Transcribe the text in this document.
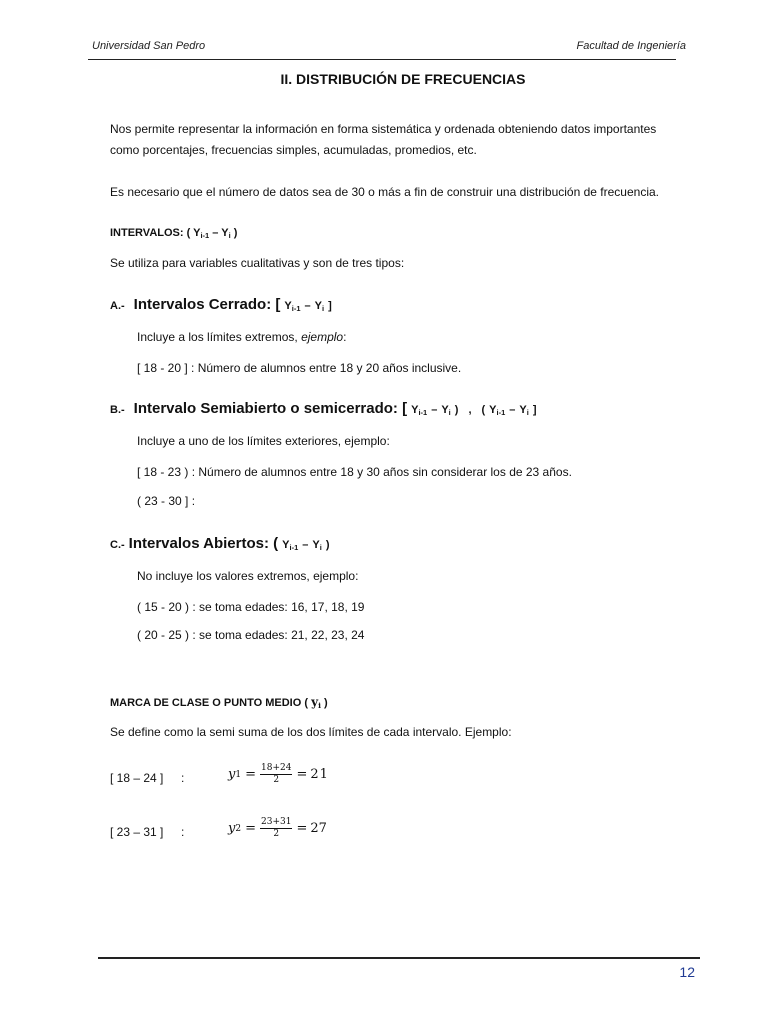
Universidad San Pedro	Facultad de Ingeniería
II. DISTRIBUCIÓN DE FRECUENCIAS
Nos permite representar la información en forma sistemática y ordenada obteniendo datos importantes
como porcentajes, frecuencias simples, acumuladas, promedios, etc.
Es necesario que el número de datos sea de 30 o más a fin de construir una distribución de frecuencia.
INTERVALOS: ( $Y_{i-1} - Y_i$ )
Se utiliza para variables cualitativas y son de tres tipos:
A.- Intervalos Cerrado: [ $Y_{i-1} - Y_i$ ]
Incluye a los límites extremos, ejemplo:
[ 18 - 20 ] : Número de alumnos entre 18 y 20 años inclusive.
B.- Intervalo Semiabierto o semicerrado: [ $Y_{i-1} - Y_i$ ) , ( $Y_{i-1} - Y_i$ ]
Incluye a uno de los límites exteriores, ejemplo:
[ 18 - 23 ) : Número de alumnos entre 18 y 30 años sin considerar los de 23 años.
( 23 - 30 ] :
C.- Intervalos Abiertos: ( $Y_{i-1} - Y_i$ )
No incluye los valores extremos, ejemplo:
( 15 - 20 ) : se toma edades: 16, 17, 18, 19
( 20 - 25 ) : se toma edades: 21, 22, 23, 24
MARCA DE CLASE O PUNTO MEDIO ( $y_i$ )
Se define como la semi suma de los dos límites de cada intervalo. Ejemplo:
[ 18 – 24 ] :	y $1 = \frac{18+24}{2} = 21$
[ 23 – 31 ] :	y $2 = \frac{23+31}{2} = 27$
12
